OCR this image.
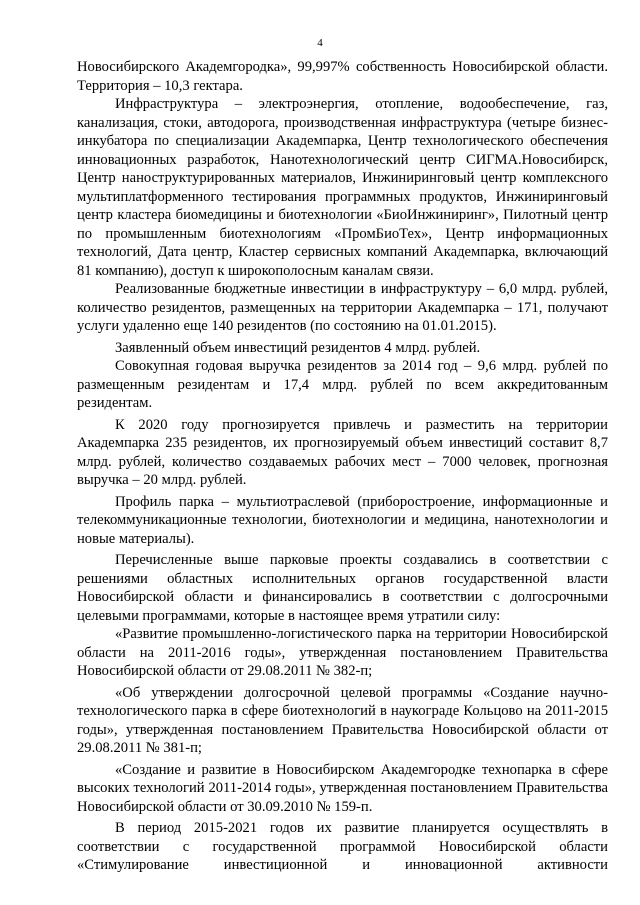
4

Новосибирского Академгородка», 99,997% собственность Новосибирской области. Территория – 10,3 гектара.

Инфраструктура – электроэнергия, отопление, водообеспечение, газ, канализация, стоки, автодорога, производственная инфраструктура (четыре бизнес-инкубатора по специализации Академпарка, Центр технологического обеспечения инновационных разработок, Нанотехнологический центр СИГМА.Новосибирск, Центр наноструктурированных материалов, Инжиниринговый центр комплексного мультиплатформенного тестирования программных продуктов, Инжиниринговый центр кластера биомедицины и биотехнологии «БиоИнжиниринг», Пилотный центр по промышленным биотехнологиям «ПромБиоТех», Центр информационных технологий, Дата центр, Кластер сервисных компаний Академпарка, включающий 81 компанию), доступ к широкополосным каналам связи.

Реализованные бюджетные инвестиции в инфраструктуру – 6,0 млрд. рублей, количество резидентов, размещенных на территории Академпарка – 171, получают услуги удаленно еще 140 резидентов (по состоянию на 01.01.2015).

Заявленный объем инвестиций резидентов 4 млрд. рублей.

Совокупная годовая выручка резидентов за 2014 год – 9,6 млрд. рублей по размещенным резидентам и 17,4 млрд. рублей по всем аккредитованным резидентам.

К 2020 году прогнозируется привлечь и разместить на территории Академпарка 235 резидентов, их прогнозируемый объем инвестиций составит 8,7 млрд. рублей, количество создаваемых рабочих мест – 7000 человек, прогнозная выручка – 20 млрд. рублей.

Профиль парка – мультиотраслевой (приборостроение, информационные и телекоммуникационные технологии, биотехнологии и медицина, нанотехнологии и новые материалы).

Перечисленные выше парковые проекты создавались в соответствии с решениями областных исполнительных органов государственной власти Новосибирской области и финансировались в соответствии с долгосрочными целевыми программами, которые в настоящее время утратили силу:

«Развитие промышленно-логистического парка на территории Новосибирской области на 2011-2016 годы», утвержденная постановлением Правительства Новосибирской области от 29.08.2011 № 382-п;

«Об утверждении долгосрочной целевой программы «Создание научно-технологического парка в сфере биотехнологий в наукограде Кольцово на 2011-2015 годы», утвержденная постановлением Правительства Новосибирской области от 29.08.2011 № 381-п;

«Создание и развитие в Новосибирском Академгородке технопарка в сфере высоких технологий 2011-2014 годы», утвержденная постановлением Правительства Новосибирской области от 30.09.2010 № 159-п.

В период 2015-2021 годов их развитие планируется осуществлять в соответствии с государственной программой Новосибирской области «Стимулирование инвестиционной и инновационной активности
